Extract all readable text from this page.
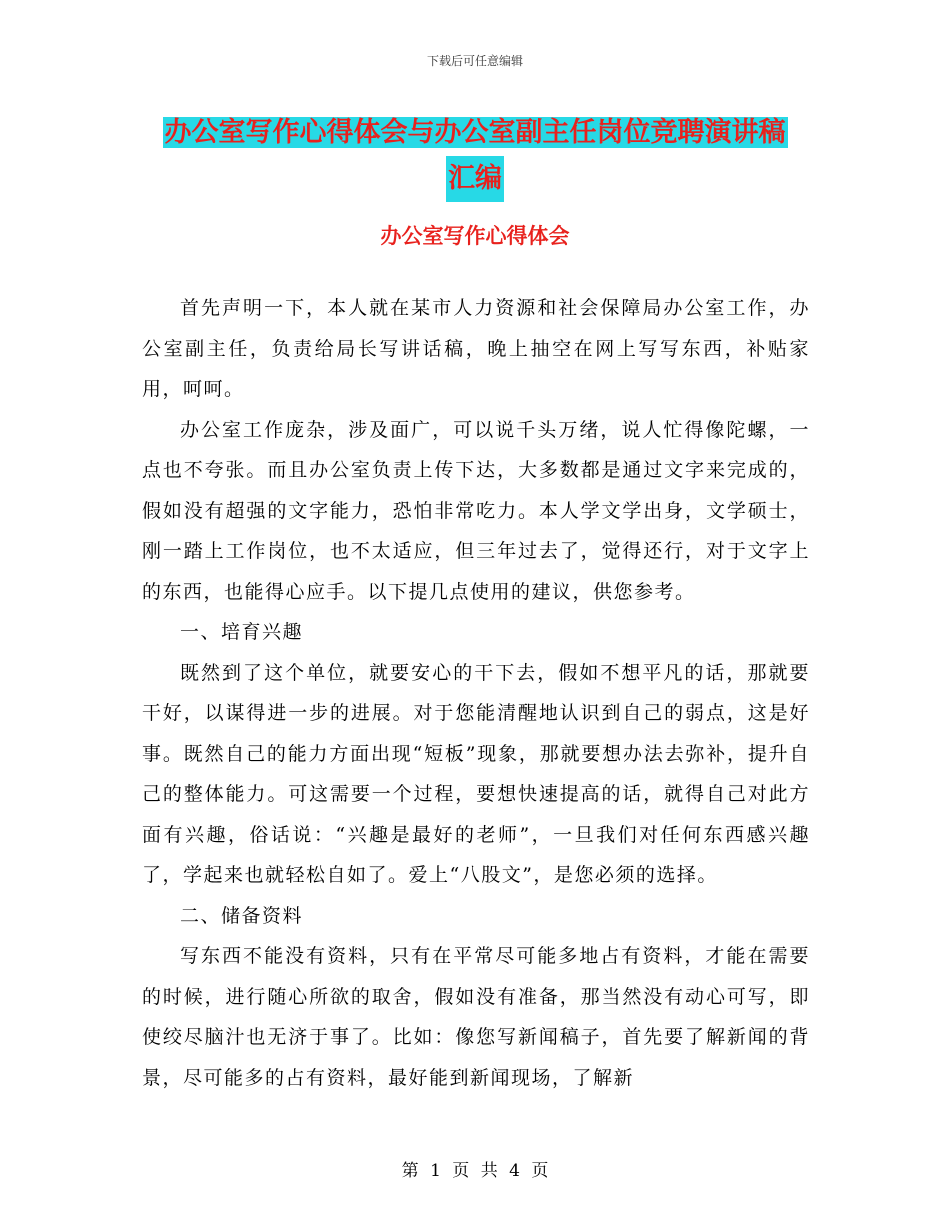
下载后可任意编辑
办公室写作心得体会与办公室副主任岗位竞聘演讲稿
汇编
办公室写作心得体会

首先声明一下，本人就在某市人力资源和社会保障局办公室工作，办公室副主任，负责给局长写讲话稿，晚上抽空在网上写写东西，补贴家用，呵呵。

办公室工作庞杂，涉及面广，可以说千头万绪，说人忙得像陀螺，一点也不夸张。而且办公室负责上传下达，大多数都是通过文字来完成的，假如没有超强的文字能力，恐怕非常吃力。本人学文学出身，文学硕士，刚一踏上工作岗位，也不太适应，但三年过去了，觉得还行，对于文字上的东西，也能得心应手。以下提几点使用的建议，供您参考。

一、培育兴趣

既然到了这个单位，就要安心的干下去，假如不想平凡的话，那就要干好，以谋得进一步的进展。对于您能清醒地认识到自己的弱点，这是好事。既然自己的能力方面出现“短板”现象，那就要想办法去弥补，提升自己的整体能力。可这需要一个过程，要想快速提高的话，就得自己对此方面有兴趣，俗话说：“兴趣是最好的老师”，一旦我们对任何东西感兴趣了，学起来也就轻松自如了。爱上“八股文”，是您必须的选择。

二、储备资料

写东西不能没有资料，只有在平常尽可能多地占有资料，才能在需要的时候，进行随心所欲的取舍，假如没有准备，那当然没有动心可写，即使绞尽脑汁也无济于事了。比如：像您写新闻稿子，首先要了解新闻的背景，尽可能多的占有资料，最好能到新闻现场，了解新

第 1 页 共 4 页
